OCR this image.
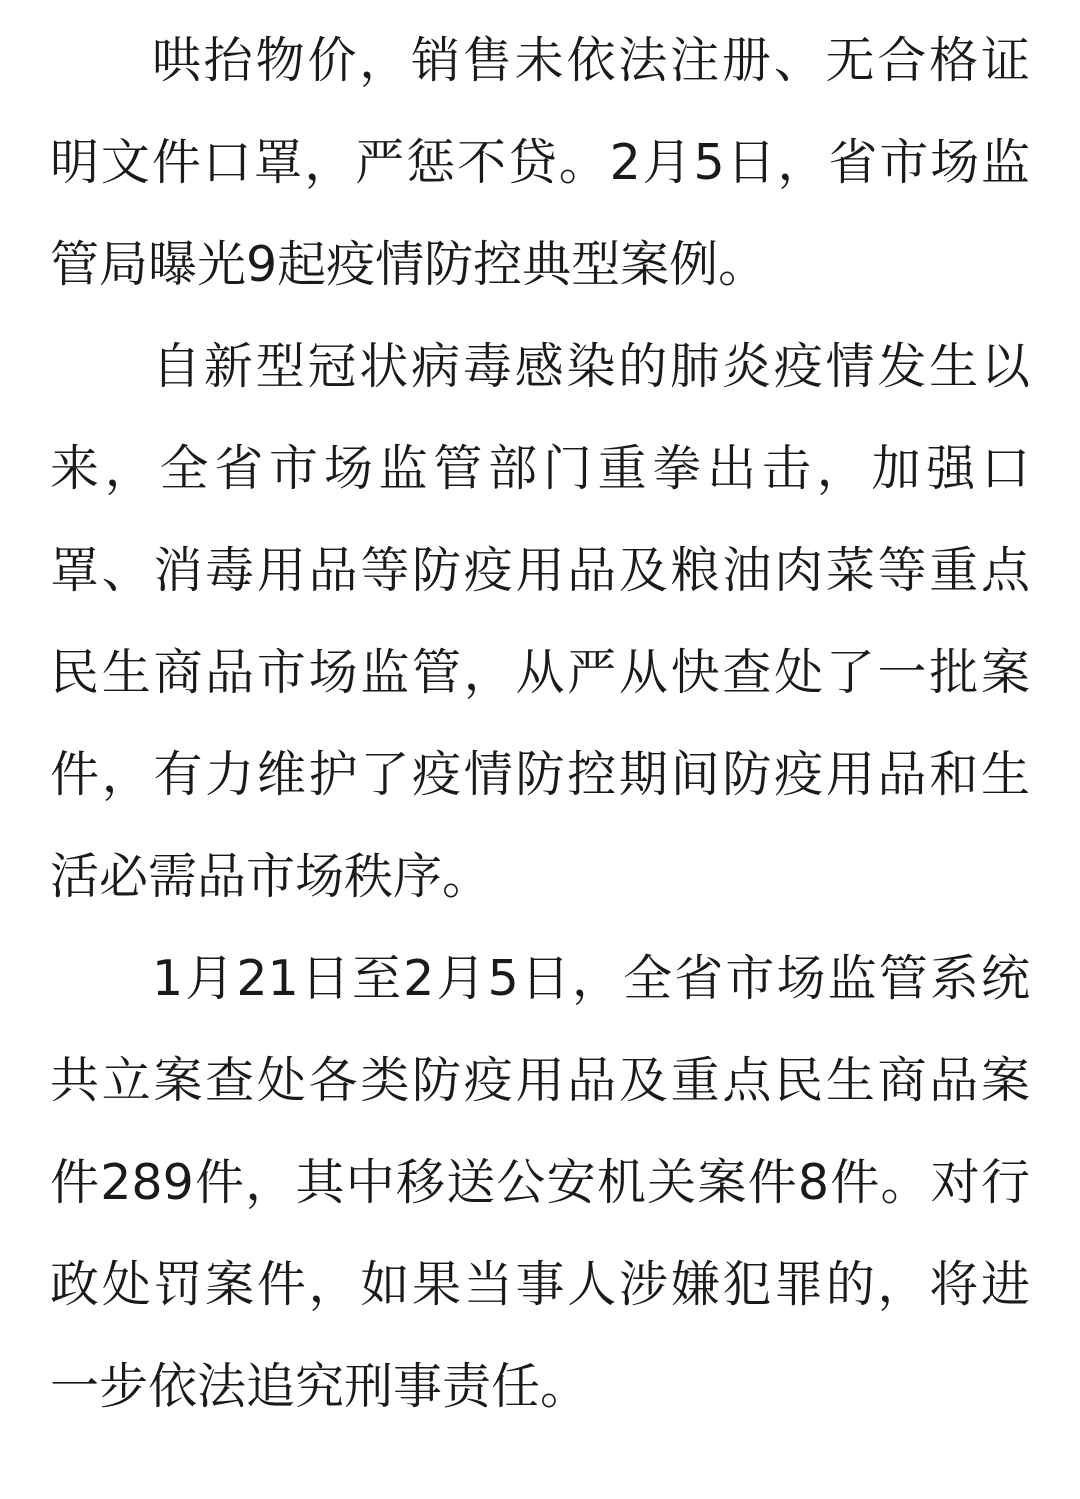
哄抬物价，销售未依法注册、无合格证
明文件口罩，严惩不贷。2月5日，省市场监
管局曝光9起疫情防控典型案例。
自新型冠状病毒感染的肺炎疫情发生以
来，全省市场监管部门重拳出击，加强口
罩、消毒用品等防疫用品及粮油肉菜等重点
民生商品市场监管，从严从快查处了一批案
件，有力维护了疫情防控期间防疫用品和生
活必需品市场秩序。
1月21日至2月5日，全省市场监管系统
共立案查处各类防疫用品及重点民生商品案
件289件，其中移送公安机关案件8件。对行
政处罚案件，如果当事人涉嫌犯罪的，将进
一步依法追究刑事责任。
